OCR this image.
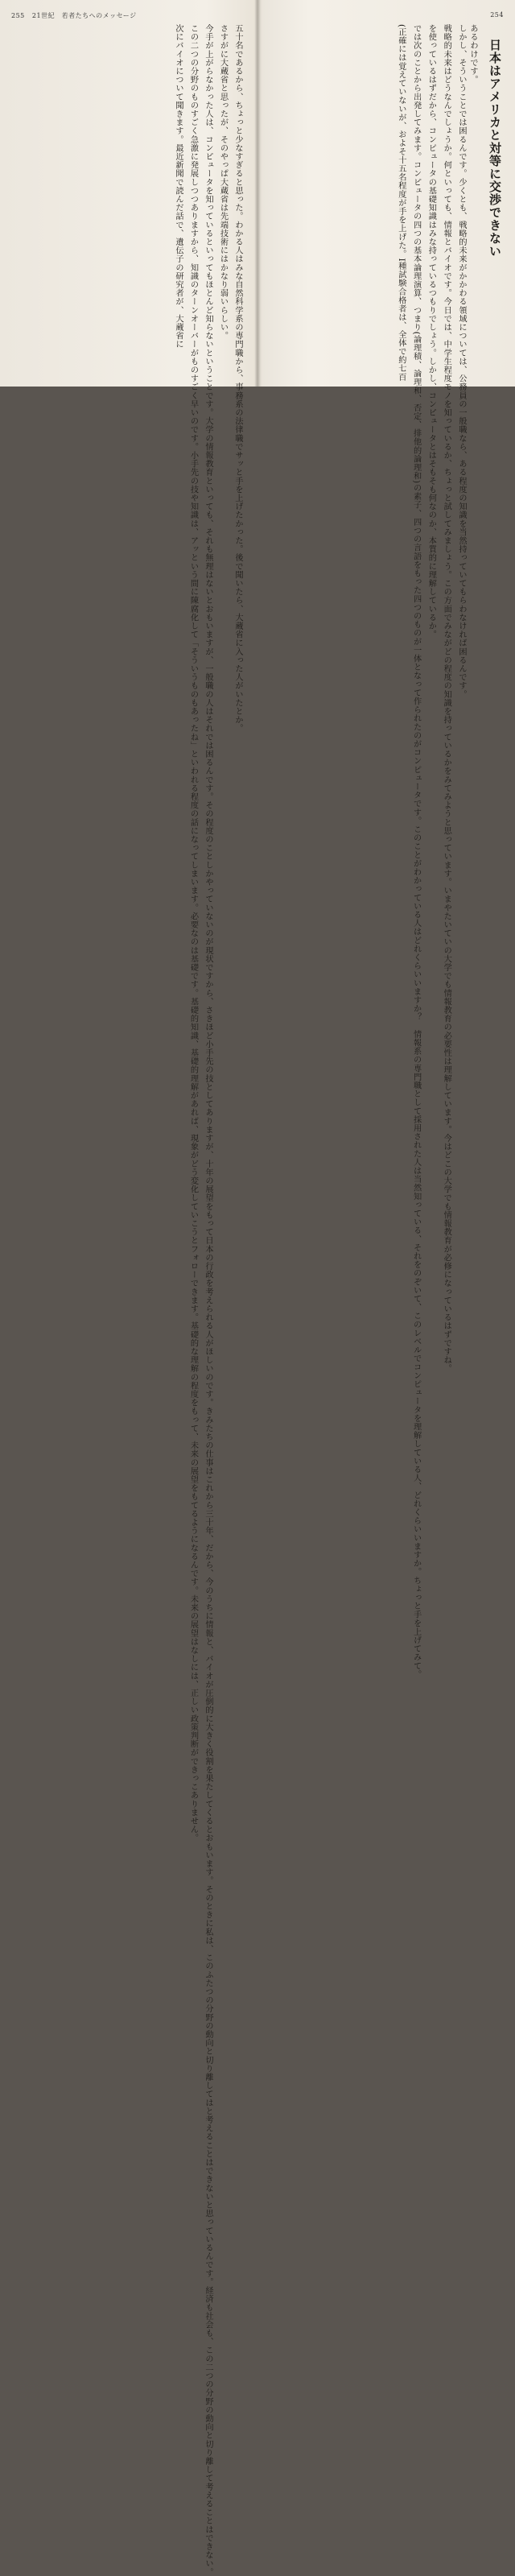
255 21世紀　若者たちへのメッセージ
五十名であるから、ちょっと少なすぎると思った。わかる人はみな自然科学系の専門職から、事務系の法律職でサッと手を上げたかった。後で聞いたら、大蔵省に入った人がいたとか。
さすがに大蔵省と思ったが、そのやっぱ大蔵省は先端技術にはかなり弱いらしい。
今手が上がらなかった人は、コンピュータを知っているといってもほとんど知らないということです。大学の情報教育といっても、それも無理はないとおもいますが、一般職の人はそれでは困るんです。その程度のことしかやっていないのが現状ですから、さきほど小手先の技としてありますが、十年の展望をもって日本の行政を考えられる人がほしいのです。きみたちの仕事はこれから三十年、だから、今のうちに情報と、バイオが圧倒的に大きく役割を果たしてくるとおもいます。そのときに私は、このふたつの分野の動向と切り離してはと考えることはできないと思っているんです。経済も社会も、この二つの分野の動向と切り離して考えることはできない。
この二つの分野のものすごく急激に発展しつつありますから、知識のターンオーバーがものすごく早いのです。小手先の技や知識は、アッという間に陳腐化して「そういうものもあったね」といわれる程度の話になってしまいます。必要なのは基礎です。基礎的知識、基礎的理解があれば、現象がどう変化していこうとフォローできます。基礎的な理解の程度をもって、未来の展望をもてるようになるんです。未来の展望はなしには、正しい政策判断ができっこありません。
次にバイオについて聞きます。最近新聞で読んだ話で、遺伝子の研究者が、大蔵省に
254
あるわけです。 日本はアメリカと対等に交渉できない
しかし、そういうことでは困るんです。少くとも、戦略的未来がかかわる領域については、公務員の一般職なら、ある程度の知識を当然持っていてもらわなければ困るんです。
戦略的未来はどうなんでしょうか。何といっても、情報とバイオです。今日では、中学生程度モノを知っているか、ちょっと試してみましょう。この方面でみながどの程度の知識を持っているかをみてみようと思っています。いまやたいていの大学でも情報教育の必要性は理解しています。今はどこの大学でも情報教育が必修になっているはずですね。
を使っているはずだから、コンピュータの基礎知識はみな持っているつもりでしょう。しかし、コンピュータとはそもそも何なのか、本質的に理解しているか。
では次のことから出発してみます。コンピュータの四つの基本論理演算、つまり(論理積、論理和、否定、排他的論理和)の素子、四つの言語をもった四つのものが一体となって作られたのがコンピュータです。このことがわかっている人はどれくらいいますか？　情報系の専門職として採用された人は当然知っている、それをのぞいて、このレベルでコンピュータを理解している人、どれくらいいますか。ちょっと手を上げてみて。
(正確には覚えていないが、およそ十五名程度が手を上げた。I種試験合格者は、全体で約七百
